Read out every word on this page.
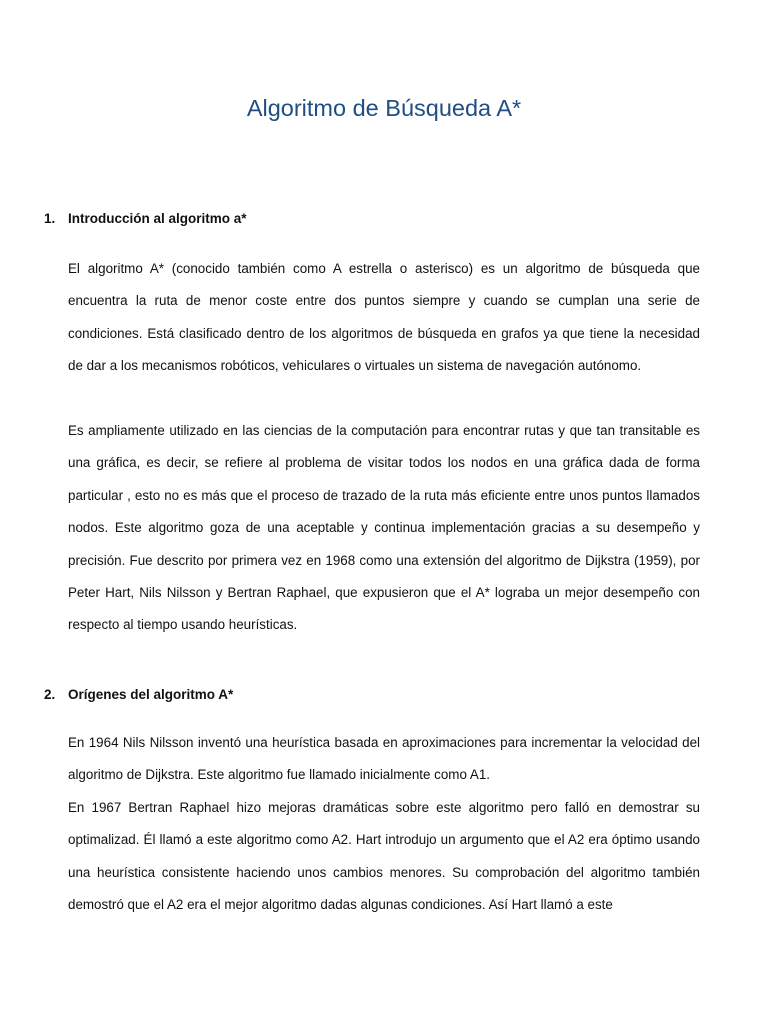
Algoritmo de Búsqueda A*
1. Introducción al algoritmo a*

El algoritmo A* (conocido también como A estrella o asterisco) es un algoritmo de búsqueda que encuentra la ruta de menor coste entre dos puntos siempre y cuando se cumplan una serie de condiciones. Está clasificado dentro de los algoritmos de búsqueda en grafos ya que tiene la necesidad de dar a los mecanismos robóticos, vehiculares o virtuales un sistema de navegación autónomo.

Es ampliamente utilizado en las ciencias de la computación para encontrar rutas y que tan transitable es una gráfica, es decir, se refiere al problema de visitar todos los nodos en una gráfica dada de forma particular , esto no es más que el proceso de trazado de la ruta más eficiente entre unos puntos llamados nodos. Este algoritmo goza de una aceptable y continua implementación gracias a su desempeño y precisión. Fue descrito por primera vez en 1968 como una extensión del algoritmo de Dijkstra (1959), por Peter Hart, Nils Nilsson y Bertran Raphael, que expusieron que el A* lograba un mejor desempeño con respecto al tiempo usando heurísticas.

2. Orígenes del algoritmo A*

En 1964 Nils Nilsson inventó una heurística basada en aproximaciones para incrementar la velocidad del algoritmo de Dijkstra. Este algoritmo fue llamado inicialmente como A1.

En 1967 Bertran Raphael hizo mejoras dramáticas sobre este algoritmo pero falló en demostrar su optimalizad. Él llamó a este algoritmo como A2. Hart introdujo un argumento que el A2 era óptimo usando una heurística consistente haciendo unos cambios menores. Su comprobación del algoritmo también demostró que el A2 era el mejor algoritmo dadas algunas condiciones. Así Hart llamó a este
